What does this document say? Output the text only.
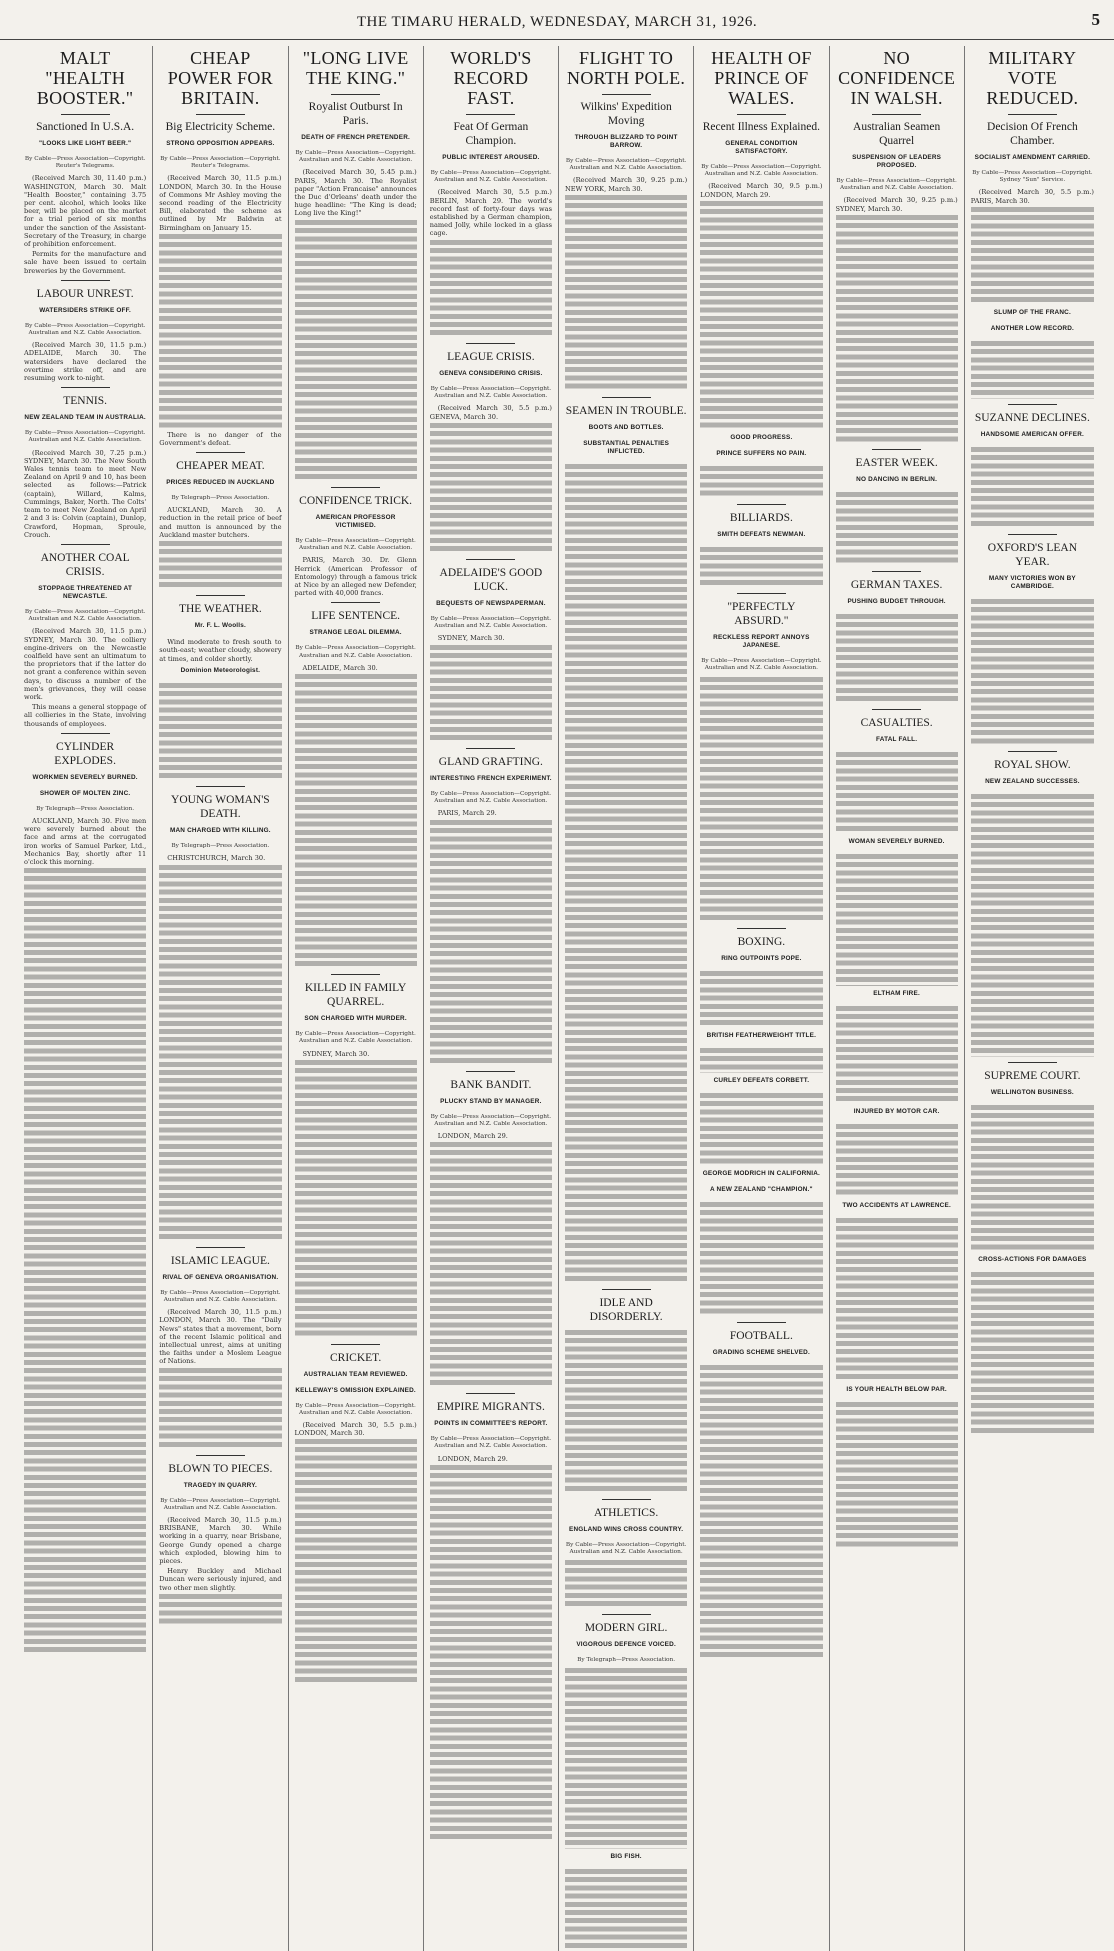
THE TIMARU HERALD, WEDNESDAY, MARCH 31, 1926.	5
MALT "HEALTH BOOSTER."
Sanctioned In U.S.A.
"LOOKS LIKE LIGHT BEER."
By Cable—Press Association—Copyright. Reuter's Telegrams.
(Received March 30, 11.40 p.m.) WASHINGTON, March 30. Malt "Health Booster," containing 3.75 per cent. alcohol, which looks like beer, will be placed on the market for a trial period of six months under the sanction of the Assistant-Secretary of the Treasury, in charge of prohibition enforcement.
Permits for the manufacture and sale have been issued to certain breweries by the Government.
LABOUR UNREST.
WATERSIDERS STRIKE OFF.
By Cable—Press Association—Copyright. Australian and N.Z. Cable Association.
(Received March 30, 11.5 p.m.) ADELAIDE, March 30. The watersiders have declared the overtime strike off, and are resuming work to-night.
TENNIS.
NEW ZEALAND TEAM IN AUSTRALIA.
By Cable—Press Association—Copyright. Australian and N.Z. Cable Association.
(Received March 30, 7.25 p.m.) SYDNEY, March 30. The New South Wales tennis team to meet New Zealand on April 9 and 10, has been selected as follows:—Patrick (captain), Willard, Kalms, Cummings, Baker, North. The Colts' team to meet New Zealand on April 2 and 3 is: Colvin (captain), Dunlop, Crawford, Hopman, Sproule, Crouch.
ANOTHER COAL CRISIS.
STOPPAGE THREATENED AT NEWCASTLE.
By Cable—Press Association—Copyright. Australian and N.Z. Cable Association.
(Received March 30, 11.5 p.m.) SYDNEY, March 30. The colliery engine-drivers on the Newcastle coalfield have sent an ultimatum to the proprietors that if the latter do not grant a conference within seven days, to discuss a number of the men's grievances, they will cease work.
This means a general stoppage of all collieries in the State, involving thousands of employees.
CYLINDER EXPLODES.
WORKMEN SEVERELY BURNED.
SHOWER OF MOLTEN ZINC.
By Telegraph—Press Association.
AUCKLAND, March 30. Five men were severely burned about the face and arms at the corrugated iron works of Samuel Parker, Ltd., Mechanics Bay, shortly after 11 o'clock this morning.
CHEAP POWER FOR BRITAIN.
Big Electricity Scheme.
STRONG OPPOSITION APPEARS.
By Cable—Press Association—Copyright. Reuter's Telegrams.
(Received March 30, 11.5 p.m.) LONDON, March 30. In the House of Commons Mr Ashley moving the second reading of the Electricity Bill, elaborated the scheme as outlined by Mr Baldwin at Birmingham on January 15.
There is no danger of the Government's defeat.
CHEAPER MEAT.
PRICES REDUCED IN AUCKLAND
By Telegraph—Press Association.
AUCKLAND, March 30. A reduction in the retail price of beef and mutton is announced by the Auckland master butchers.
THE WEATHER.
Mr. F. L. Woolls.
Wind moderate to fresh south to south-east; weather cloudy, showery at times, and colder shortly.
Dominion Meteorologist.
YOUNG WOMAN'S DEATH.
MAN CHARGED WITH KILLING.
By Telegraph—Press Association.
CHRISTCHURCH, March 30.
ISLAMIC LEAGUE.
RIVAL OF GENEVA ORGANISATION.
By Cable—Press Association—Copyright. Australian and N.Z. Cable Association.
(Received March 30, 11.5 p.m.) LONDON, March 30. The "Daily News" states that a movement, born of the recent Islamic political and intellectual unrest, aims at uniting the faiths under a Moslem League of Nations.
BLOWN TO PIECES.
TRAGEDY IN QUARRY.
By Cable—Press Association—Copyright. Australian and N.Z. Cable Association.
(Received March 30, 11.5 p.m.) BRISBANE, March 30. While working in a quarry, near Brisbane, George Gundy opened a charge which exploded, blowing him to pieces.
Henry Buckley and Michael Duncan were seriously injured, and two other men slightly.
"LONG LIVE THE KING."
Royalist Outburst In Paris.
DEATH OF FRENCH PRETENDER.
By Cable—Press Association—Copyright. Australian and N.Z. Cable Association.
(Received March 30, 5.45 p.m.) PARIS, March 30. The Royalist paper "Action Francaise" announces the Duc d'Orleans' death under the huge headline: "The King is dead; Long live the King!"
CONFIDENCE TRICK.
AMERICAN PROFESSOR VICTIMISED.
By Cable—Press Association—Copyright. Australian and N.Z. Cable Association.
PARIS, March 30. Dr. Glenn Herrick (American Professor of Entomology) through a famous trick at Nice by an alleged new Defender, parted with 40,000 francs.
LIFE SENTENCE.
STRANGE LEGAL DILEMMA.
By Cable—Press Association—Copyright. Australian and N.Z. Cable Association.
ADELAIDE, March 30.
KILLED IN FAMILY QUARREL.
SON CHARGED WITH MURDER.
By Cable—Press Association—Copyright. Australian and N.Z. Cable Association.
SYDNEY, March 30.
CRICKET.
AUSTRALIAN TEAM REVIEWED.
KELLEWAY'S OMISSION EXPLAINED.
By Cable—Press Association—Copyright. Australian and N.Z. Cable Association.
(Received March 30, 5.5 p.m.) LONDON, March 30.
WORLD'S RECORD FAST.
Feat Of German Champion.
PUBLIC INTEREST AROUSED.
By Cable—Press Association—Copyright. Australian and N.Z. Cable Association.
(Received March 30, 5.5 p.m.) BERLIN, March 29. The world's record fast of forty-four days was established by a German champion, named Jolly, while locked in a glass cage.
LEAGUE CRISIS.
GENEVA CONSIDERING CRISIS.
By Cable—Press Association—Copyright. Australian and N.Z. Cable Association.
(Received March 30, 5.5 p.m.) GENEVA, March 30.
ADELAIDE'S GOOD LUCK.
BEQUESTS OF NEWSPAPERMAN.
By Cable—Press Association—Copyright. Australian and N.Z. Cable Association.
SYDNEY, March 30.
GLAND GRAFTING.
INTERESTING FRENCH EXPERIMENT.
By Cable—Press Association—Copyright. Australian and N.Z. Cable Association.
PARIS, March 29.
BANK BANDIT.
PLUCKY STAND BY MANAGER.
By Cable—Press Association—Copyright. Australian and N.Z. Cable Association.
LONDON, March 29.
EMPIRE MIGRANTS.
POINTS IN COMMITTEE'S REPORT.
By Cable—Press Association—Copyright. Australian and N.Z. Cable Association.
LONDON, March 29.
FLIGHT TO NORTH POLE.
Wilkins' Expedition Moving
THROUGH BLIZZARD TO POINT BARROW.
By Cable—Press Association—Copyright. Australian and N.Z. Cable Association.
(Received March 30, 9.25 p.m.) NEW YORK, March 30.
SEAMEN IN TROUBLE.
BOOTS AND BOTTLES.
SUBSTANTIAL PENALTIES INFLICTED.
IDLE AND DISORDERLY.
ATHLETICS.
ENGLAND WINS CROSS COUNTRY.
By Cable—Press Association—Copyright. Australian and N.Z. Cable Association.
MODERN GIRL.
VIGOROUS DEFENCE VOICED.
By Telegraph—Press Association.
BIG FISH.
HEALTH OF PRINCE OF WALES.
Recent Illness Explained.
GENERAL CONDITION SATISFACTORY.
By Cable—Press Association—Copyright. Australian and N.Z. Cable Association.
(Received March 30, 9.5 p.m.) LONDON, March 29.
GOOD PROGRESS.
PRINCE SUFFERS NO PAIN.
BILLIARDS.
SMITH DEFEATS NEWMAN.
"PERFECTLY ABSURD."
RECKLESS REPORT ANNOYS JAPANESE.
By Cable—Press Association—Copyright. Australian and N.Z. Cable Association.
BOXING.
RING OUTPOINTS POPE.
BRITISH FEATHERWEIGHT TITLE.
CURLEY DEFEATS CORBETT.
GEORGE MODRICH IN CALIFORNIA.
A NEW ZEALAND "CHAMPION."
FOOTBALL.
GRADING SCHEME SHELVED.
NO CONFIDENCE IN WALSH.
Australian Seamen Quarrel
SUSPENSION OF LEADERS PROPOSED.
By Cable—Press Association—Copyright. Australian and N.Z. Cable Association.
(Received March 30, 9.25 p.m.) SYDNEY, March 30.
EASTER WEEK.
NO DANCING IN BERLIN.
GERMAN TAXES.
PUSHING BUDGET THROUGH.
CASUALTIES.
FATAL FALL.
WOMAN SEVERELY BURNED.
ELTHAM FIRE.
INJURED BY MOTOR CAR.
TWO ACCIDENTS AT LAWRENCE.
IS YOUR HEALTH BELOW PAR.
MILITARY VOTE REDUCED.
Decision Of French Chamber.
SOCIALIST AMENDMENT CARRIED.
By Cable—Press Association—Copyright. Sydney "Sun" Service.
(Received March 30, 5.5 p.m.) PARIS, March 30.
SLUMP OF THE FRANC.
ANOTHER LOW RECORD.
SUZANNE DECLINES.
HANDSOME AMERICAN OFFER.
OXFORD'S LEAN YEAR.
MANY VICTORIES WON BY CAMBRIDGE.
ROYAL SHOW.
NEW ZEALAND SUCCESSES.
SUPREME COURT.
WELLINGTON BUSINESS.
CROSS-ACTIONS FOR DAMAGES
